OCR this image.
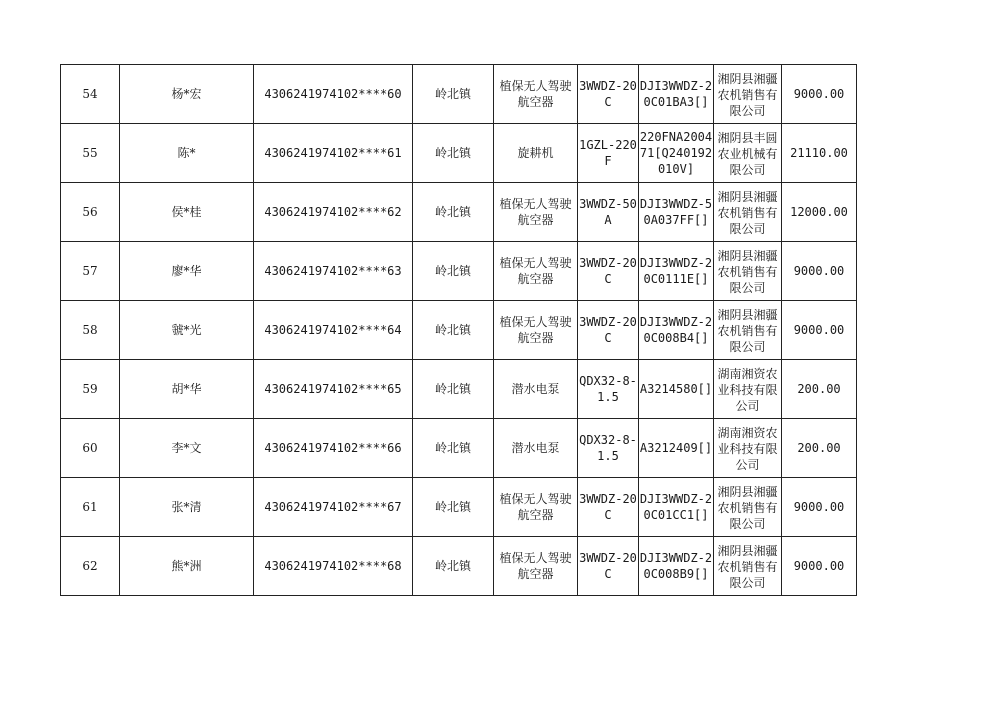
54	杨*宏	4306241974102****60	岭北镇	植保无人驾驶航空器	3WWDZ-20C	DJI3WWDZ-20C01BA3[]	湘阴县湘疆农机销售有限公司	9000.00
55	陈*	4306241974102****61	岭北镇	旋耕机	1GZL-220F	220FNA200471[Q240192010V]	湘阴县丰圆农业机械有限公司	21110.00
56	侯*桂	4306241974102****62	岭北镇	植保无人驾驶航空器	3WWDZ-50A	DJI3WWDZ-50A037FF[]	湘阴县湘疆农机销售有限公司	12000.00
57	廖*华	4306241974102****63	岭北镇	植保无人驾驶航空器	3WWDZ-20C	DJI3WWDZ-20C0111E[]	湘阴县湘疆农机销售有限公司	9000.00
58	虢*光	4306241974102****64	岭北镇	植保无人驾驶航空器	3WWDZ-20C	DJI3WWDZ-20C008B4[]	湘阴县湘疆农机销售有限公司	9000.00
59	胡*华	4306241974102****65	岭北镇	潜水电泵	QDX32-8-1.5	A3214580[]	湖南湘资农业科技有限公司	200.00
60	李*文	4306241974102****66	岭北镇	潜水电泵	QDX32-8-1.5	A3212409[]	湖南湘资农业科技有限公司	200.00
61	张*清	4306241974102****67	岭北镇	植保无人驾驶航空器	3WWDZ-20C	DJI3WWDZ-20C01CC1[]	湘阴县湘疆农机销售有限公司	9000.00
62	熊*洲	4306241974102****68	岭北镇	植保无人驾驶航空器	3WWDZ-20C	DJI3WWDZ-20C008B9[]	湘阴县湘疆农机销售有限公司	9000.00
